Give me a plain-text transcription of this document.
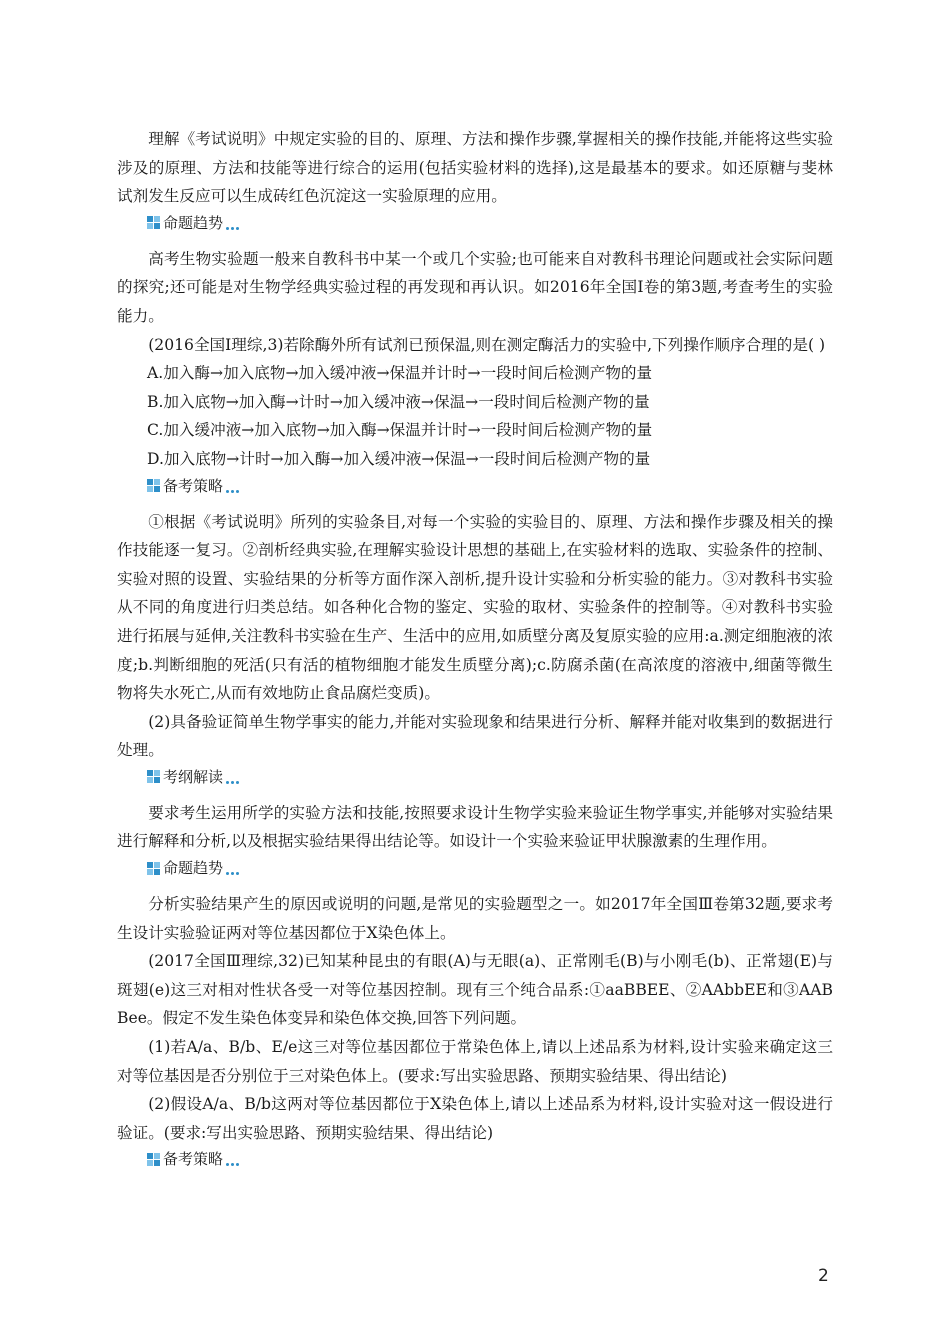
理解《考试说明》中规定实验的目的、原理、方法和操作步骤,掌握相关的操作技能,并能将这些实验涉及的原理、方法和技能等进行综合的运用(包括实验材料的选择),这是最基本的要求。如还原糖与斐林试剂发生反应可以生成砖红色沉淀这一实验原理的应用。

命题趋势

高考生物实验题一般来自教科书中某一个或几个实验;也可能来自对教科书理论问题或社会实际问题的探究;还可能是对生物学经典实验过程的再发现和再认识。如2016年全国Ⅰ卷的第3题,考查考生的实验能力。

(2016全国Ⅰ理综,3)若除酶外所有试剂已预保温,则在测定酶活力的实验中,下列操作顺序合理的是( )

A.加入酶→加入底物→加入缓冲液→保温并计时→一段时间后检测产物的量

B.加入底物→加入酶→计时→加入缓冲液→保温→一段时间后检测产物的量

C.加入缓冲液→加入底物→加入酶→保温并计时→一段时间后检测产物的量

D.加入底物→计时→加入酶→加入缓冲液→保温→一段时间后检测产物的量

备考策略

①根据《考试说明》所列的实验条目,对每一个实验的实验目的、原理、方法和操作步骤及相关的操作技能逐一复习。②剖析经典实验,在理解实验设计思想的基础上,在实验材料的选取、实验条件的控制、实验对照的设置、实验结果的分析等方面作深入剖析,提升设计实验和分析实验的能力。③对教科书实验从不同的角度进行归类总结。如各种化合物的鉴定、实验的取材、实验条件的控制等。④对教科书实验进行拓展与延伸,关注教科书实验在生产、生活中的应用,如质壁分离及复原实验的应用:a.测定细胞液的浓度;b.判断细胞的死活(只有活的植物细胞才能发生质壁分离);c.防腐杀菌(在高浓度的溶液中,细菌等微生物将失水死亡,从而有效地防止食品腐烂变质)。

(2)具备验证简单生物学事实的能力,并能对实验现象和结果进行分析、解释并能对收集到的数据进行处理。

考纲解读

要求考生运用所学的实验方法和技能,按照要求设计生物学实验来验证生物学事实,并能够对实验结果进行解释和分析,以及根据实验结果得出结论等。如设计一个实验来验证甲状腺激素的生理作用。

命题趋势

分析实验结果产生的原因或说明的问题,是常见的实验题型之一。如2017年全国Ⅲ卷第32题,要求考生设计实验验证两对等位基因都位于X染色体上。

(2017全国Ⅲ理综,32)已知某种昆虫的有眼(A)与无眼(a)、正常刚毛(B)与小刚毛(b)、正常翅(E)与斑翅(e)这三对相对性状各受一对等位基因控制。现有三个纯合品系:①aaBBEE、②AAbbEE和③AABBee。假定不发生染色体变异和染色体交换,回答下列问题。

(1)若A/a、B/b、E/e这三对等位基因都位于常染色体上,请以上述品系为材料,设计实验来确定这三对等位基因是否分别位于三对染色体上。(要求:写出实验思路、预期实验结果、得出结论)

(2)假设A/a、B/b这两对等位基因都位于X染色体上,请以上述品系为材料,设计实验对这一假设进行验证。(要求:写出实验思路、预期实验结果、得出结论)

备考策略
2
